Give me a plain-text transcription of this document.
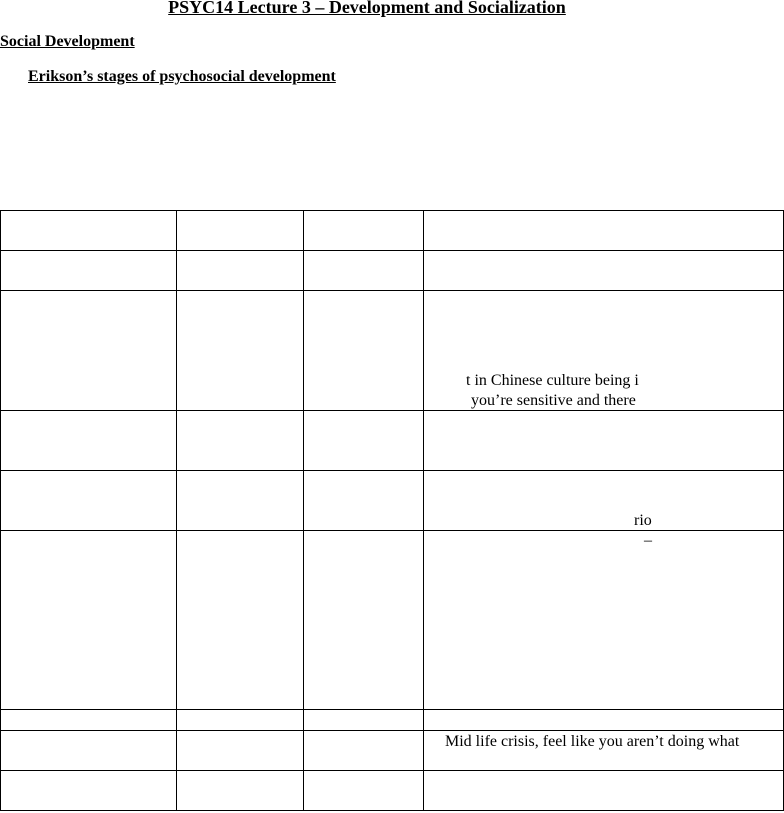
PSYC14 Lecture 3 – Development and Socialization
Social Development
Erikson’s stages of psychosocial development

			t in Chinese culture being i
you’re sensitive and there

			rio

			–

			Mid life crisis, feel like you aren’t doing what
